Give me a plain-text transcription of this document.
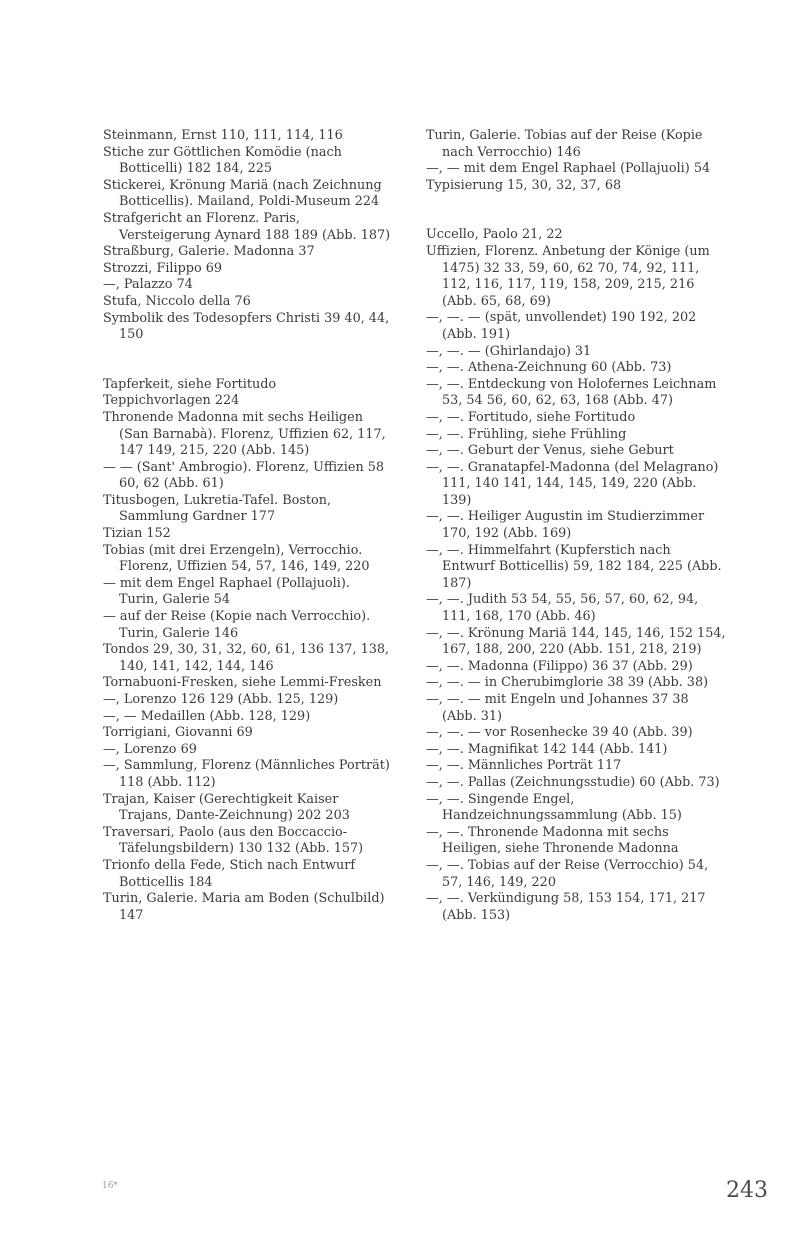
Steinmann, Ernst 110, 111, 114, 116

Stiche zur Göttlichen Komödie (nach Botticelli) 182 184, 225

Stickerei, Krönung Mariä (nach Zeichnung Botticellis). Mailand, Poldi-Museum 224

Strafgericht an Florenz. Paris, Versteigerung Aynard 188 189 (Abb. 187)

Straßburg, Galerie. Madonna 37

Strozzi, Filippo 69

—, Palazzo 74

Stufa, Niccolo della 76

Symbolik des Todesopfers Christi 39 40, 44, 150

Tapferkeit, siehe Fortitudo

Teppichvorlagen 224

Thronende Madonna mit sechs Heiligen (San Barnabà). Florenz, Uffizien 62, 117, 147 149, 215, 220 (Abb. 145)

— — (Sant' Ambrogio). Florenz, Uffizien 58 60, 62 (Abb. 61)

Titusbogen, Lukretia-Tafel. Boston, Sammlung Gardner 177

Tizian 152

Tobias (mit drei Erzengeln), Verrocchio. Florenz, Uffizien 54, 57, 146, 149, 220

— mit dem Engel Raphael (Pollajuoli). Turin, Galerie 54

— auf der Reise (Kopie nach Verrocchio). Turin, Galerie 146

Tondos 29, 30, 31, 32, 60, 61, 136 137, 138, 140, 141, 142, 144, 146

Tornabuoni-Fresken, siehe Lemmi-Fresken

—, Lorenzo 126 129 (Abb. 125, 129)

—, — Medaillen (Abb. 128, 129)

Torrigiani, Giovanni 69

—, Lorenzo 69

—, Sammlung, Florenz (Männliches Porträt) 118 (Abb. 112)

Trajan, Kaiser (Gerechtigkeit Kaiser Trajans, Dante-Zeichnung) 202 203

Traversari, Paolo (aus den Boccaccio-Täfelungsbildern) 130 132 (Abb. 157)

Trionfo della Fede, Stich nach Entwurf Botticellis 184

Turin, Galerie. Maria am Boden (Schulbild) 147

Turin, Galerie. Tobias auf der Reise (Kopie nach Verrocchio) 146

—, — mit dem Engel Raphael (Pollajuoli) 54

Typisierung 15, 30, 32, 37, 68

Uccello, Paolo 21, 22

Uffizien, Florenz. Anbetung der Könige (um 1475) 32 33, 59, 60, 62 70, 74, 92, 111, 112, 116, 117, 119, 158, 209, 215, 216 (Abb. 65, 68, 69)

—, —. — (spät, unvollendet) 190 192, 202 (Abb. 191)

—, —. — (Ghirlandajo) 31

—, —. Athena-Zeichnung 60 (Abb. 73)

—, —. Entdeckung von Holofernes Leichnam 53, 54 56, 60, 62, 63, 168 (Abb. 47)

—, —. Fortitudo, siehe Fortitudo

—, —. Frühling, siehe Frühling

—, —. Geburt der Venus, siehe Geburt

—, —. Granatapfel-Madonna (del Melagrano) 111, 140 141, 144, 145, 149, 220 (Abb. 139)

—, —. Heiliger Augustin im Studierzimmer 170, 192 (Abb. 169)

—, —. Himmelfahrt (Kupferstich nach Entwurf Botticellis) 59, 182 184, 225 (Abb. 187)

—, —. Judith 53 54, 55, 56, 57, 60, 62, 94, 111, 168, 170 (Abb. 46)

—, —. Krönung Mariä 144, 145, 146, 152 154, 167, 188, 200, 220 (Abb. 151, 218, 219)

—, —. Madonna (Filippo) 36 37 (Abb. 29)

—, —. — in Cherubimglorie 38 39 (Abb. 38)

—, —. — mit Engeln und Johannes 37 38 (Abb. 31)

—, —. — vor Rosenhecke 39 40 (Abb. 39)

—, —. Magnifikat 142 144 (Abb. 141)

—, —. Männliches Porträt 117

—, —. Pallas (Zeichnungsstudie) 60 (Abb. 73)

—, —. Singende Engel, Handzeichnungssammlung (Abb. 15)

—, —. Thronende Madonna mit sechs Heiligen, siehe Thronende Madonna

—, —. Tobias auf der Reise (Verrocchio) 54, 57, 146, 149, 220

—, —. Verkündigung 58, 153 154, 171, 217 (Abb. 153)

16*	243
